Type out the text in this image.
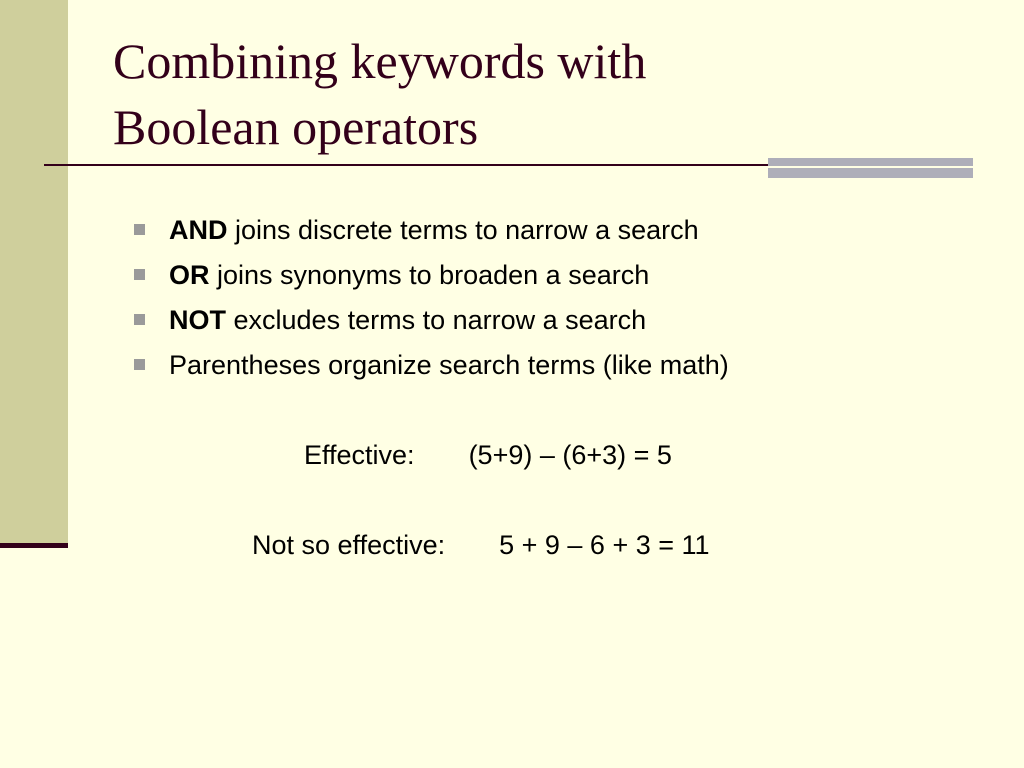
Combining keywords with
Boolean operators
AND joins discrete terms to narrow a search
OR joins synonyms to broaden a search
NOT excludes terms to narrow a search
Parentheses organize search terms (like math)
Effective: (5+9) – (6+3) = 5
Not so effective: 5 + 9 – 6 + 3 = 11
